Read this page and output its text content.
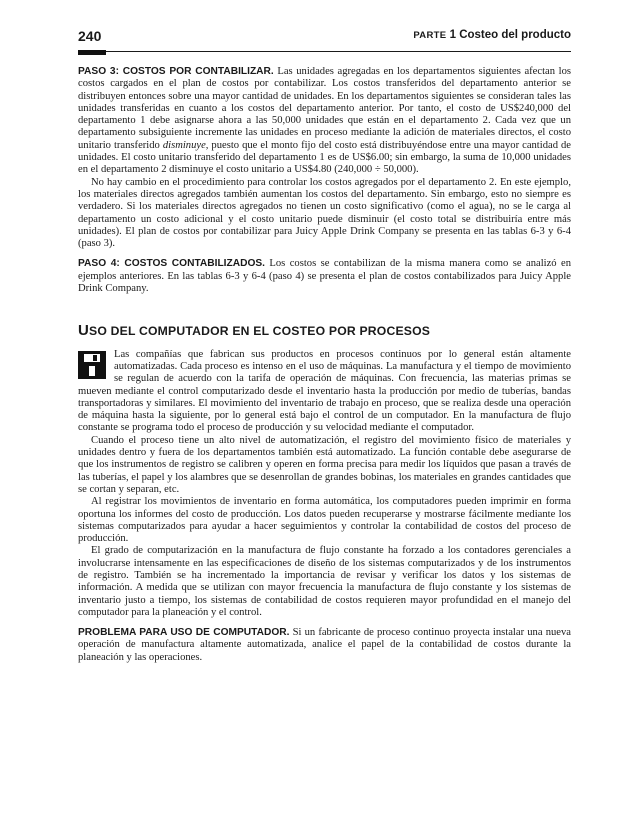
240	PARTE 1 Costeo del producto

PASO 3: COSTOS POR CONTABILIZAR. Las unidades agregadas en los departamentos siguientes afectan los costos cargados en el plan de costos por contabilizar. Los costos transferidos del departamento anterior se distribuyen entonces sobre una mayor cantidad de unidades. En los departamentos siguientes se consideran tales las unidades transferidas en cuanto a los costos del departamento anterior. Por tanto, el costo de US$240,000 del departamento 1 debe asignarse ahora a las 50,000 unidades que están en el departamento 2. Cada vez que un departamento subsiguiente incremente las unidades en proceso mediante la adición de materiales directos, el costo unitario transferido disminuye, puesto que el monto fijo del costo está distribuyéndose entre una mayor cantidad de unidades. El costo unitario transferido del departamento 1 es de US$6.00; sin embargo, la suma de 10,000 unidades en el departamento 2 disminuye el costo unitario a US$4.80 (240,000 ÷ 50,000).

No hay cambio en el procedimiento para controlar los costos agregados por el departamento 2. En este ejemplo, los materiales directos agregados también aumentan los costos del departamento. Sin embargo, esto no siempre es verdadero. Si los materiales directos agregados no tienen un costo significativo (como el agua), no se le carga al departamento un costo adicional y el costo unitario puede disminuir (el costo total se distribuiría entre más unidades). El plan de costos por contabilizar para Juicy Apple Drink Company se presenta en las tablas 6-3 y 6-4 (paso 3).

PASO 4: COSTOS CONTABILIZADOS. Los costos se contabilizan de la misma manera como se analizó en ejemplos anteriores. En las tablas 6-3 y 6-4 (paso 4) se presenta el plan de costos contabilizados para Juicy Apple Drink Company.

USO DEL COMPUTADOR EN EL COSTEO POR PROCESOS

Las compañías que fabrican sus productos en procesos continuos por lo general están altamente automatizadas. Cada proceso es intenso en el uso de máquinas. La manufactura y el tiempo de movimiento se regulan de acuerdo con la tarifa de operación de máquinas. Con frecuencia, las materias primas se mueven mediante el control computarizado desde el inventario hasta la producción por medio de tuberías, bandas transportadoras y similares. El movimiento del inventario de trabajo en proceso, que se realiza desde una operación de máquina hasta la siguiente, por lo general está bajo el control de un computador. En la manufactura de flujo constante se programa todo el proceso de producción y su velocidad mediante el computador.

Cuando el proceso tiene un alto nivel de automatización, el registro del movimiento físico de materiales y unidades dentro y fuera de los departamentos también está automatizado. La función contable debe asegurarse de que los instrumentos de registro se calibren y operen en forma precisa para medir los líquidos que pasan a través de las tuberías, el papel y los alambres que se desenrollan de grandes bobinas, los materiales en grandes cantidades que se cortan y separan, etc.

Al registrar los movimientos de inventario en forma automática, los computadores pueden imprimir en forma oportuna los informes del costo de producción. Los datos pueden recuperarse y mostrarse fácilmente mediante los sistemas computarizados para ayudar a hacer seguimientos y controlar la contabilidad de costos del proceso de producción.

El grado de computarización en la manufactura de flujo constante ha forzado a los contadores gerenciales a involucrarse intensamente en las especificaciones de diseño de los sistemas computarizados y de los instrumentos de registro. También se ha incrementado la importancia de revisar y verificar los datos y los sistemas de información. A medida que se utilizan con mayor frecuencia la manufactura de flujo constante y los sistemas de inventario justo a tiempo, los sistemas de contabilidad de costos requieren mayor profundidad en el manejo del computador para la planeación y el control.

PROBLEMA PARA USO DE COMPUTADOR. Si un fabricante de proceso continuo proyecta instalar una nueva operación de manufactura altamente automatizada, analice el papel de la contabilidad de costos durante la planeación y las operaciones.
